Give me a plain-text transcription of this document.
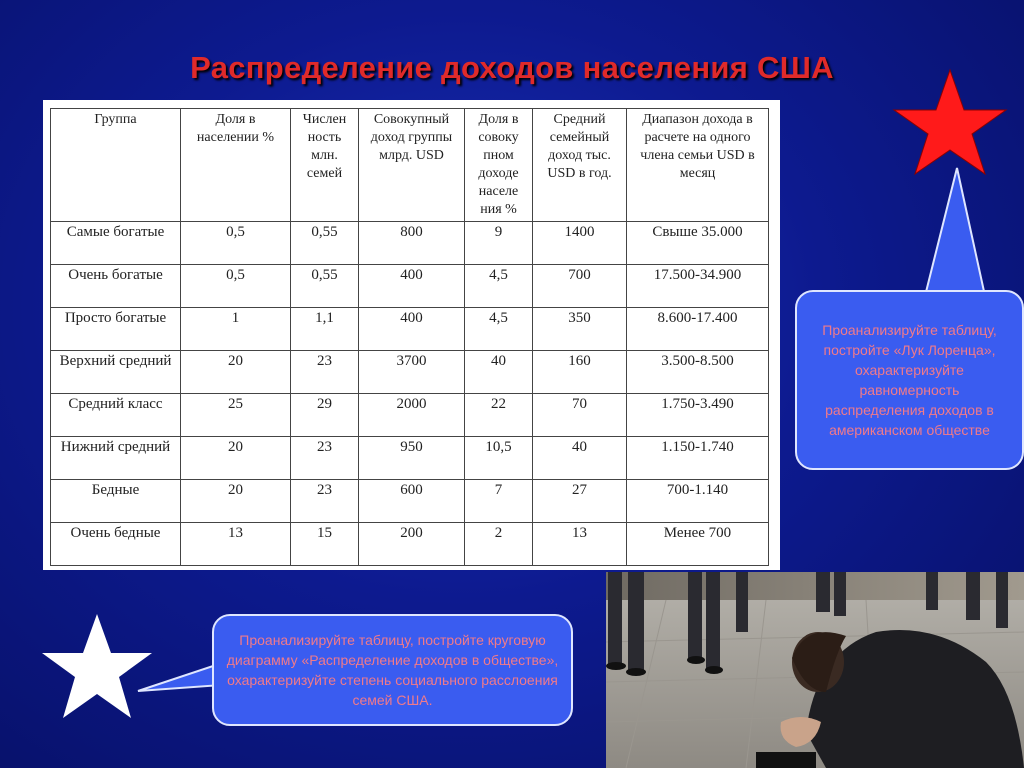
Распределение доходов населения США
Группа	Доля в населении %	Числен ность млн. семей	Совокупный доход группы млрд. USD	Доля в совоку пном доходе населе ния %	Средний семейный доход тыс. USD в год.	Диапазон дохода в расчете на одного члена семьи USD в месяц
Самые богатые	0,5	0,55	800	9	1400	Свыше 35.000
Очень богатые	0,5	0,55	400	4,5	700	17.500-34.900
Просто богатые	1	1,1	400	4,5	350	8.600-17.400
Верхний средний	20	23	3700	40	160	3.500-8.500
Средний класс	25	29	2000	22	70	1.750-3.490
Нижний средний	20	23	950	10,5	40	1.150-1.740
Бедные	20	23	600	7	27	700-1.140
Очень бедные	13	15	200	2	13	Менее 700
Проанализируйте таблицу, постройте «Лук Лоренца», охарактеризуйте равномерность распределения доходов в американском обществе
Проанализируйте таблицу, постройте круговую диаграмму «Распределение доходов в обществе», охарактеризуйте степень социального расслоения семей США.
